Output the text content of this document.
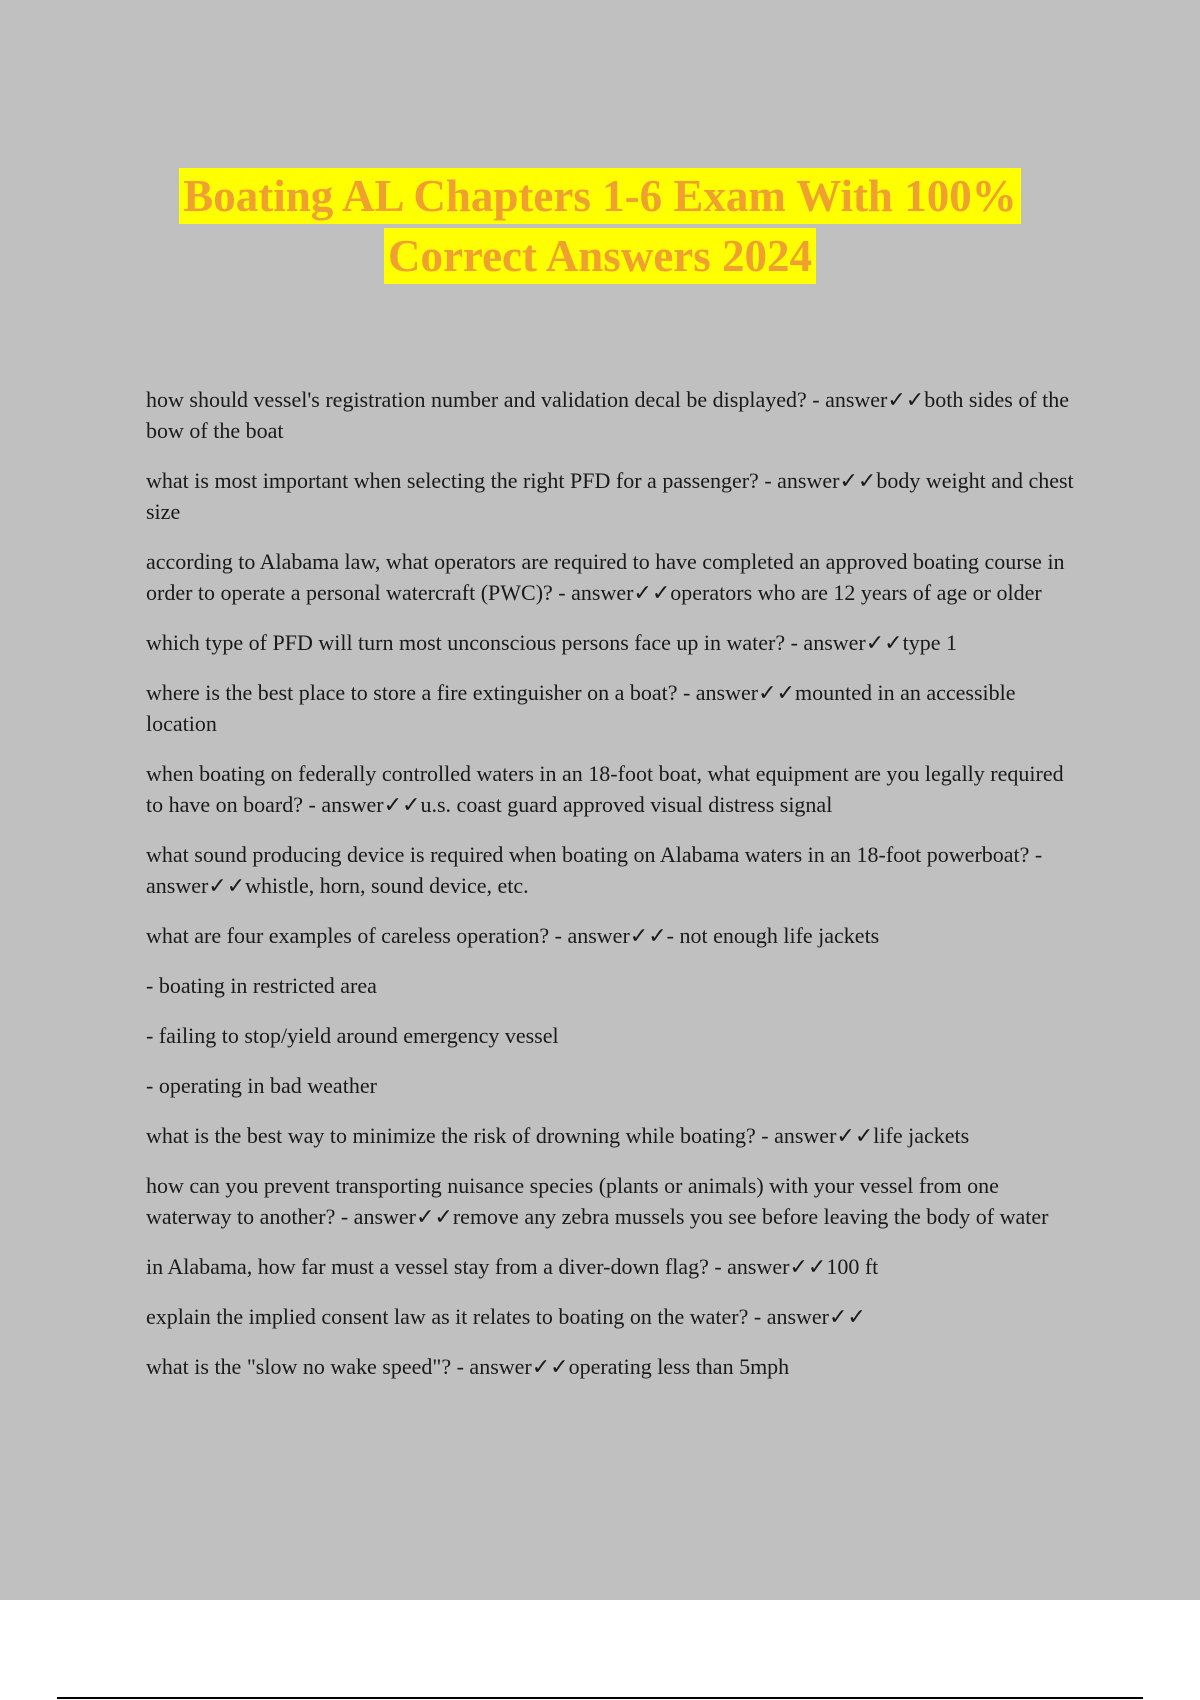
Boating AL Chapters 1-6 Exam With 100%
Correct Answers 2024

how should vessel's registration number and validation decal be displayed? - answer✓✓both sides of the bow of the boat

what is most important when selecting the right PFD for a passenger? - answer✓✓body weight and chest size

according to Alabama law, what operators are required to have completed an approved boating course in order to operate a personal watercraft (PWC)? - answer✓✓operators who are 12 years of age or older

which type of PFD will turn most unconscious persons face up in water? - answer✓✓type 1

where is the best place to store a fire extinguisher on a boat? - answer✓✓mounted in an accessible location

when boating on federally controlled waters in an 18-foot boat, what equipment are you legally required to have on board? - answer✓✓u.s. coast guard approved visual distress signal

what sound producing device is required when boating on Alabama waters in an 18-foot powerboat? - answer✓✓whistle, horn, sound device, etc.

what are four examples of careless operation? - answer✓✓- not enough life jackets

- boating in restricted area

- failing to stop/yield around emergency vessel

- operating in bad weather

what is the best way to minimize the risk of drowning while boating? - answer✓✓life jackets

how can you prevent transporting nuisance species (plants or animals) with your vessel from one waterway to another? - answer✓✓remove any zebra mussels you see before leaving the body of water

in Alabama, how far must a vessel stay from a diver-down flag? - answer✓✓100 ft

explain the implied consent law as it relates to boating on the water? - answer✓✓

what is the "slow no wake speed"? - answer✓✓operating less than 5mph
